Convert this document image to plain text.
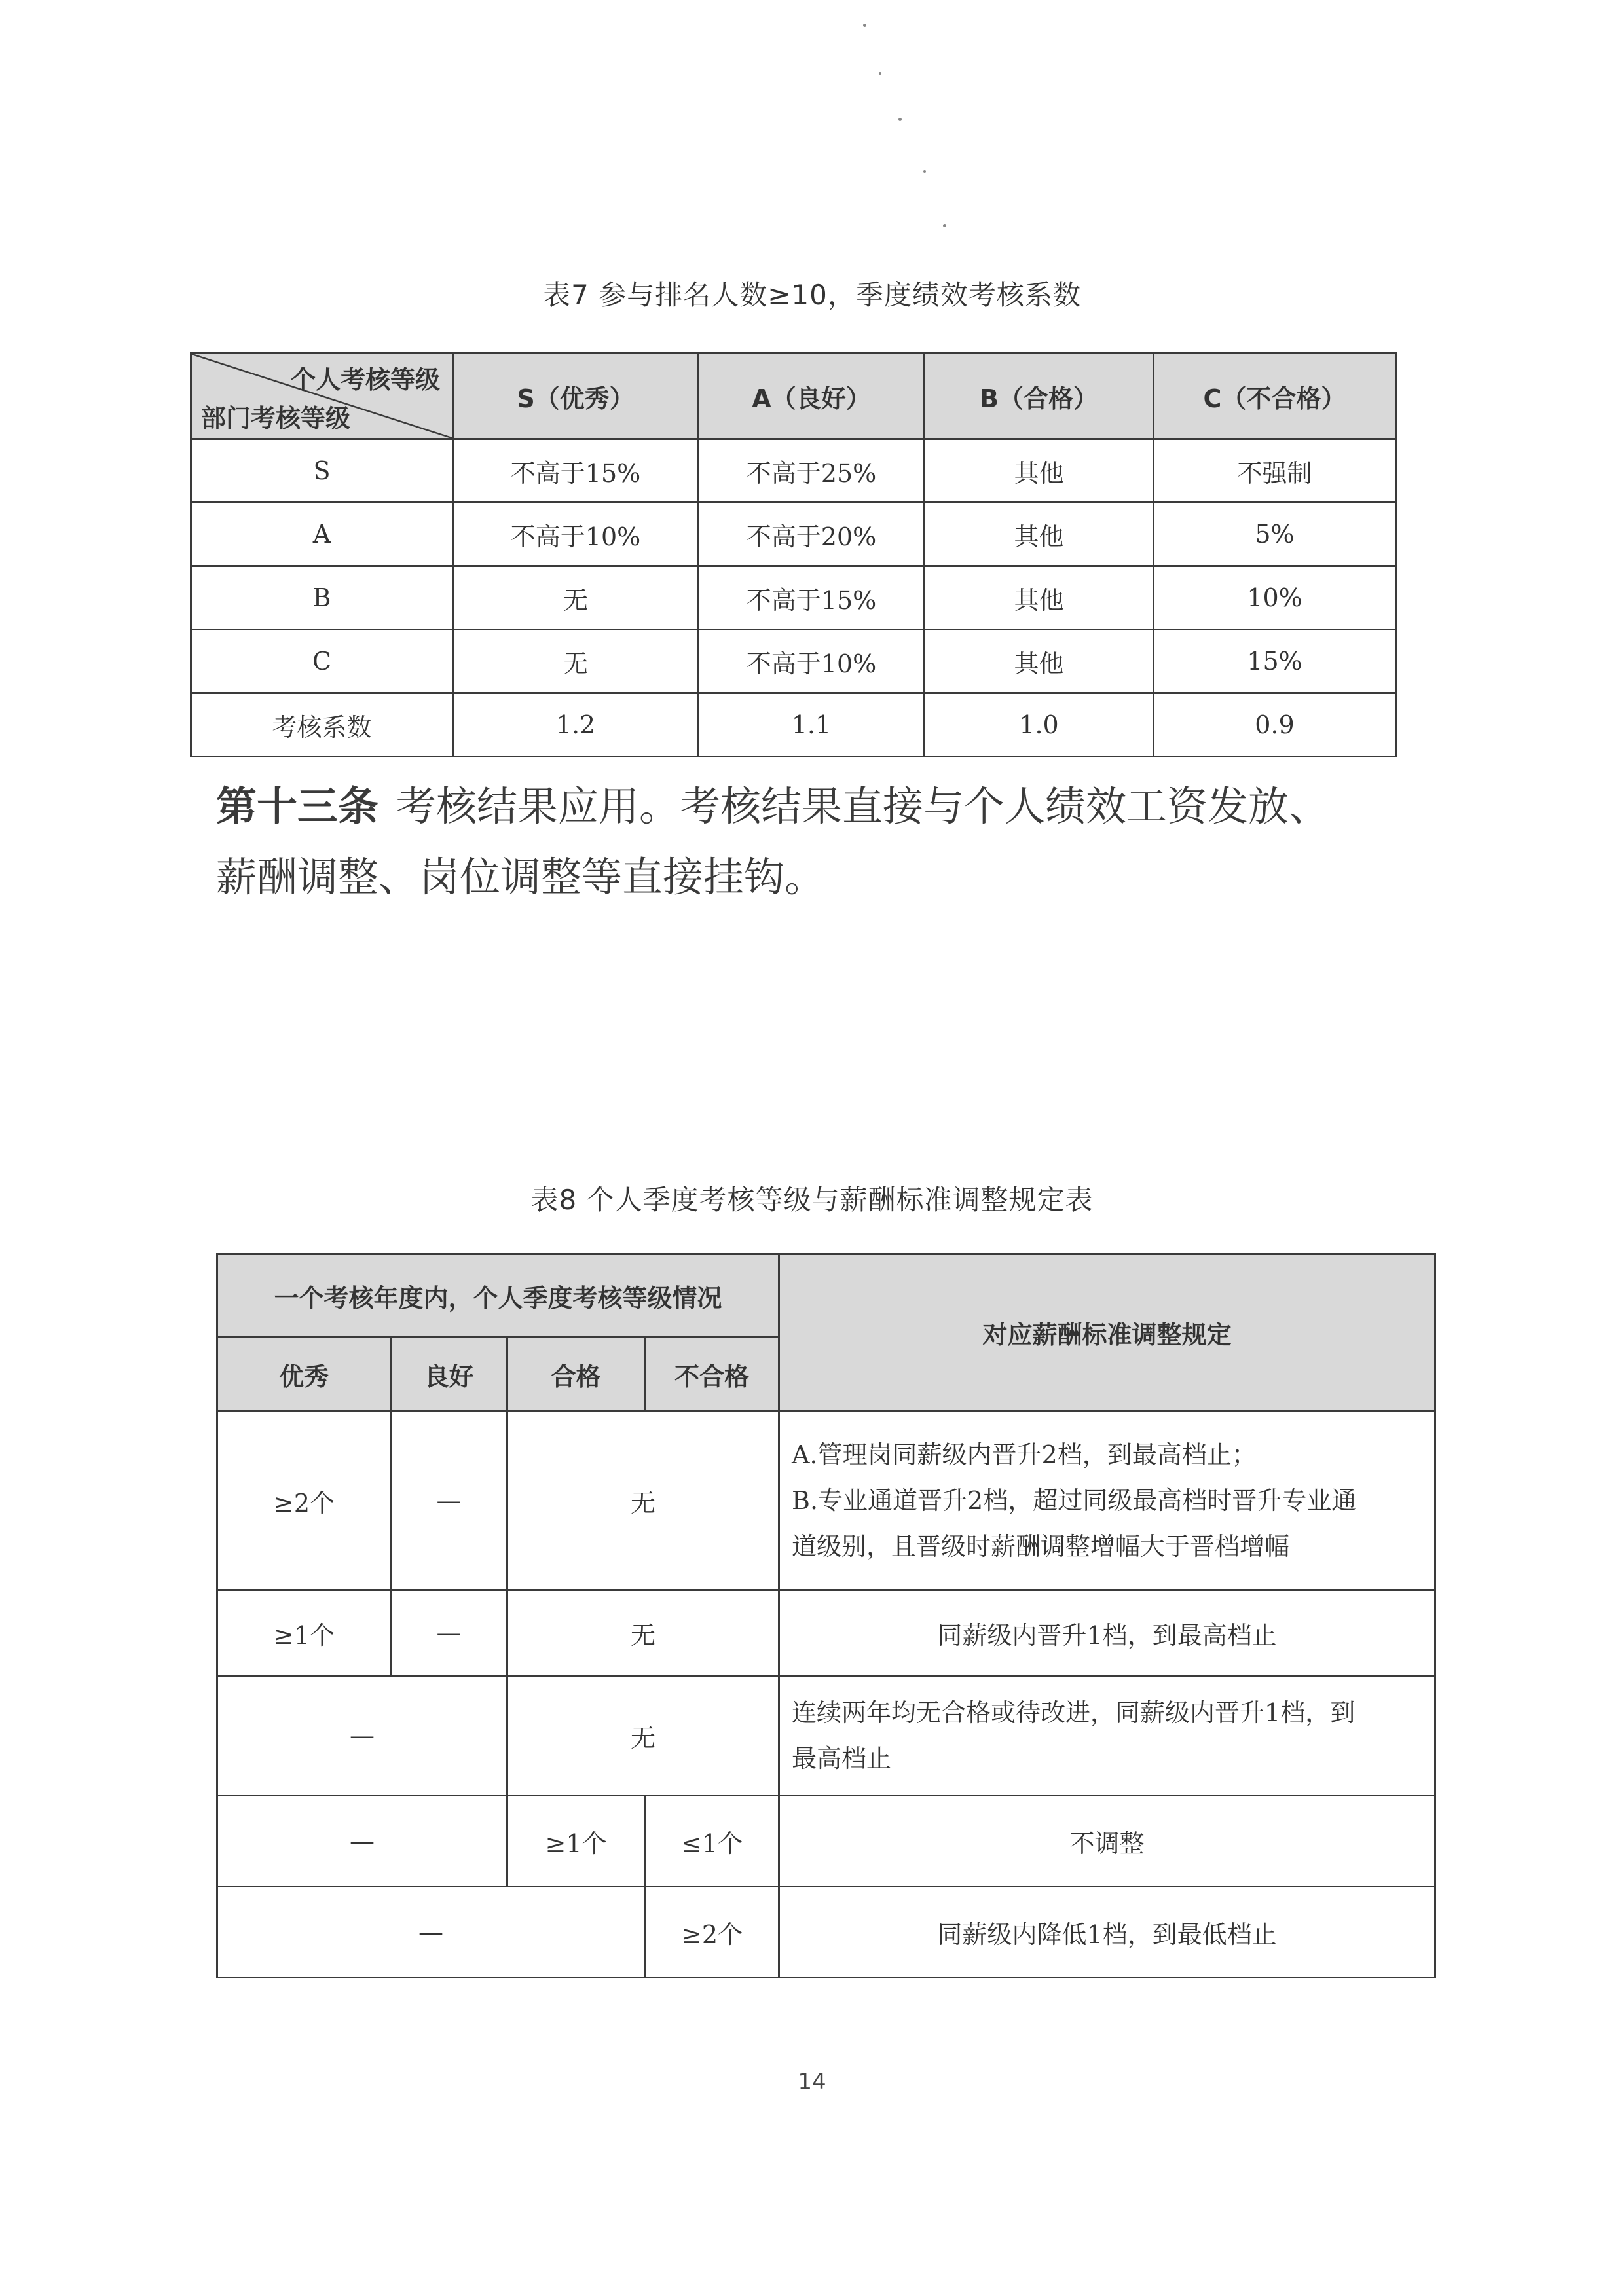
表7 参与排名人数≥10，季度绩效考核系数
个人考核等级
部门考核等级	S（优秀）	A（良好）	B（合格）	C（不合格）
S	不高于15%	不高于25%	其他	不强制
A	不高于10%	不高于20%	其他	5%
B	无	不高于15%	其他	10%
C	无	不高于10%	其他	15%
考核系数	1.2	1.1	1.0	0.9
第十三条 考核结果应用。考核结果直接与个人绩效工资发放、
薪酬调整、岗位调整等直接挂钩。
表8 个人季度考核等级与薪酬标准调整规定表
一个考核年度内，个人季度考核等级情况				对应薪酬标准调整规定
优秀	良好	合格	不合格	
≥2个	—	无		A.管理岗同薪级内晋升2档，到最高档止；
B.专业通道晋升2档，超过同级最高档时晋升专业通
道级别，且晋级时薪酬调整增幅大于晋档增幅

≥1个	—	无		同薪级内晋升1档，到最高档止
—		无		连续两年均无合格或待改进，同薪级内晋升1档，到
最高档止

—		≥1个	≤1个	不调整
—			≥2个	同薪级内降低1档，到最低档止
14
